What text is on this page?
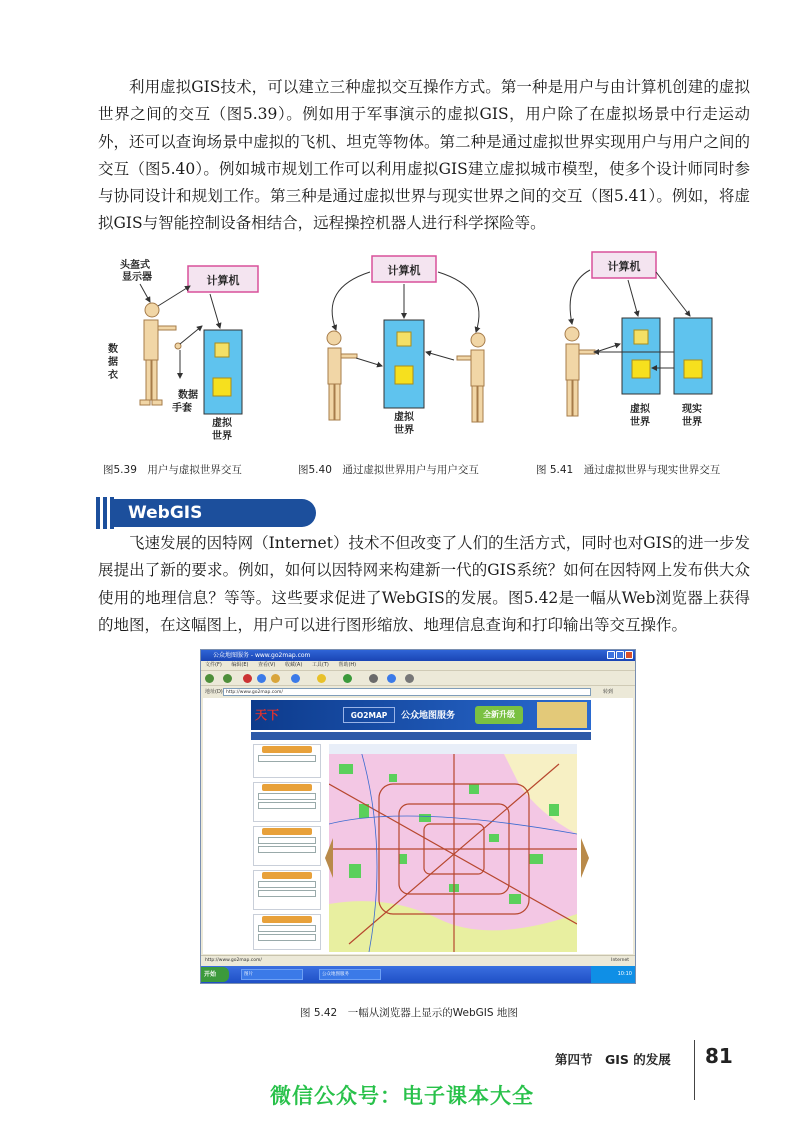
利用虚拟GIS技术，可以建立三种虚拟交互操作方式。第一种是用户与由计算机创建的虚拟世界之间的交互（图5.39）。例如用于军事演示的虚拟GIS，用户除了在虚拟场景中行走运动外，还可以查询场景中虚拟的飞机、坦克等物体。第二种是通过虚拟世界实现用户与用户之间的交互（图5.40）。例如城市规划工作可以利用虚拟GIS建立虚拟城市模型，使多个设计师同时参与协同设计和规划工作。第三种是通过虚拟世界与现实世界之间的交互（图5.41）。例如，将虚拟GIS与智能控制设备相结合，远程操控机器人进行科学探险等。
头盔式显示器	计算机
数据衣
数据手套
虚拟世界
计算机
虚拟世界
计算机
虚拟世界
现实世界
图5.39　用户与虚拟世界交互	图5.40　通过虚拟世界用户与用户交互	图 5.41　通过虚拟世界与现实世界交互
WebGIS
飞速发展的因特网（Internet）技术不但改变了人们的生活方式，同时也对GIS的进一步发展提出了新的要求。例如，如何以因特网来构建新一代的GIS系统？如何在因特网上发布供大众使用的地理信息？等等。这些要求促进了WebGIS的发展。图5.42是一幅从Web浏览器上获得的地图，在这幅图上，用户可以进行图形缩放、地理信息查询和打印输出等交互操作。
公众地图服务 - www.go2map.com
文件(F) 编辑(E) 查看(V) 收藏(A) 工具(T) 帮助(H)
地址(D) http://www.go2map.com/	转到
天下	GO2MAP	公众地图服务	全新升级
http://www.go2map.com/	Internet
开始	图片	公众地图服务	10:10
图 5.42　一幅从浏览器上显示的WebGIS 地图
第四节　GIS 的发展 81
微信公众号：电子课本大全
